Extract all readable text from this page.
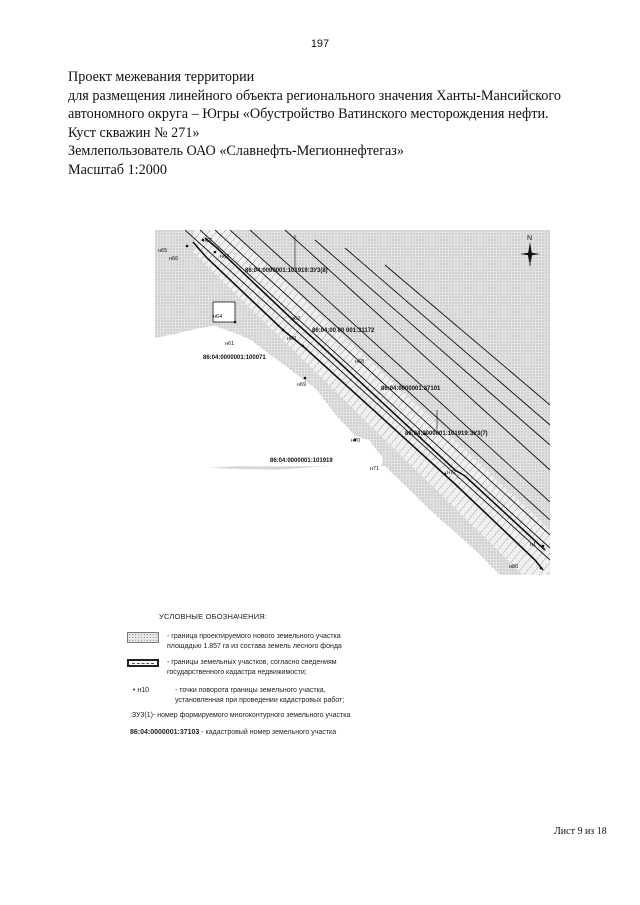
197
Проект межевания территории
для размещения линейного объекта регионального значения Ханты-Мансийского
автономного округа – Югры «Обустройство Ватинского месторождения нефти.
Куст скважин № 271»
Землепользователь ОАО «Славнефть-Мегионнефтегаз»
Масштаб 1:2000
н65
н66
н67
н63
н64	н62
н60
н61
н68
н69
н70
н71
н72
н1
н80
86:04:0000001:101919:ЗУ3(8)
86:04:00 00 001:31172
86:04:0000001:100071
86:04:0000001:37101
86:04:0000001:101919:ЗУ3(7)
86:04:0000001:101919
N
УСЛОВНЫЕ ОБОЗНАЧЕНИЯ:
- граница проектируемого нового земельного участка
площадью 1.857 га из состава земель лесного фонда
- границы земельных участков, согласно сведениям
государственного кадастра недвижимости;
• н10	- точки поворота границы земельного участка,
установленная при проведении кадастровых работ;
:ЗУ3(1)- номер формируемого многоконтурного земельного участка
86:04:0000001:37103 - кадастровый номер земельного участка
Лист 9 из 18
